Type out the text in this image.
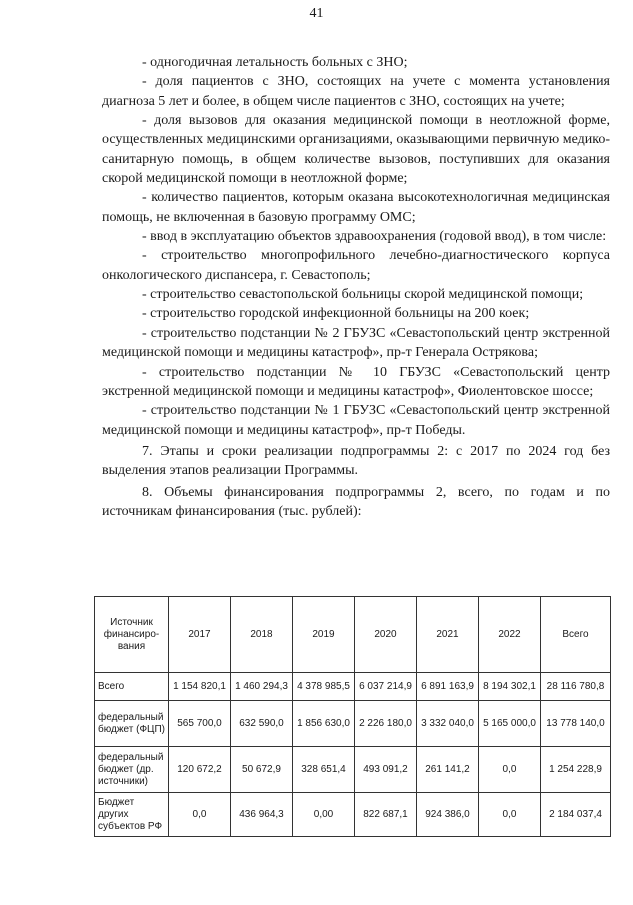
41

- одногодичная летальность больных с ЗНО;

- доля пациентов с ЗНО, состоящих на учете с момента установления диагноза 5 лет и более, в общем числе пациентов с ЗНО, состоящих на учете;

- доля вызовов для оказания медицинской помощи в неотложной форме, осуществленных медицинскими организациями, оказывающими первичную медико-санитарную помощь, в общем количестве вызовов, поступивших для оказания скорой медицинской помощи в неотложной форме;

- количество пациентов, которым оказана высокотехнологичная медицинская помощь, не включенная в базовую программу ОМС;

- ввод в эксплуатацию объектов здравоохранения (годовой ввод), в том числе:

- строительство многопрофильного лечебно-диагностического корпуса онкологического диспансера, г. Севастополь;

- строительство севастопольской больницы скорой медицинской помощи;

- строительство городской инфекционной больницы на 200 коек;

- строительство подстанции № 2 ГБУЗС «Севастопольский центр экстренной медицинской помощи и медицины катастроф», пр-т Генерала Острякова;

- строительство подстанции № 10 ГБУЗС «Севастопольский центр экстренной медицинской помощи и медицины катастроф», Фиолентовское шоссе;

- строительство подстанции № 1 ГБУЗС «Севастопольский центр экстренной медицинской помощи и медицины катастроф», пр-т Победы.

7. Этапы и сроки реализации подпрограммы 2: с 2017 по 2024 год без выделения этапов реализации Программы.

8. Объемы финансирования подпрограммы 2, всего, по годам и по источникам финансирования (тыс. рублей):

Источник финансиро-вания	2017	2018	2019	2020	2021	2022	Всего
Всего	1 154 820,1	1 460 294,3	4 378 985,5	6 037 214,9	6 891 163,9	8 194 302,1	28 116 780,8
федеральный бюджет (ФЦП)	565 700,0	632 590,0	1 856 630,0	2 226 180,0	3 332 040,0	5 165 000,0	13 778 140,0
федеральный бюджет (др. источники)	120 672,2	50 672,9	328 651,4	493 091,2	261 141,2	0,0	1 254 228,9
Бюджет других субъектов РФ	0,0	436 964,3	0,00	822 687,1	924 386,0	0,0	2 184 037,4
